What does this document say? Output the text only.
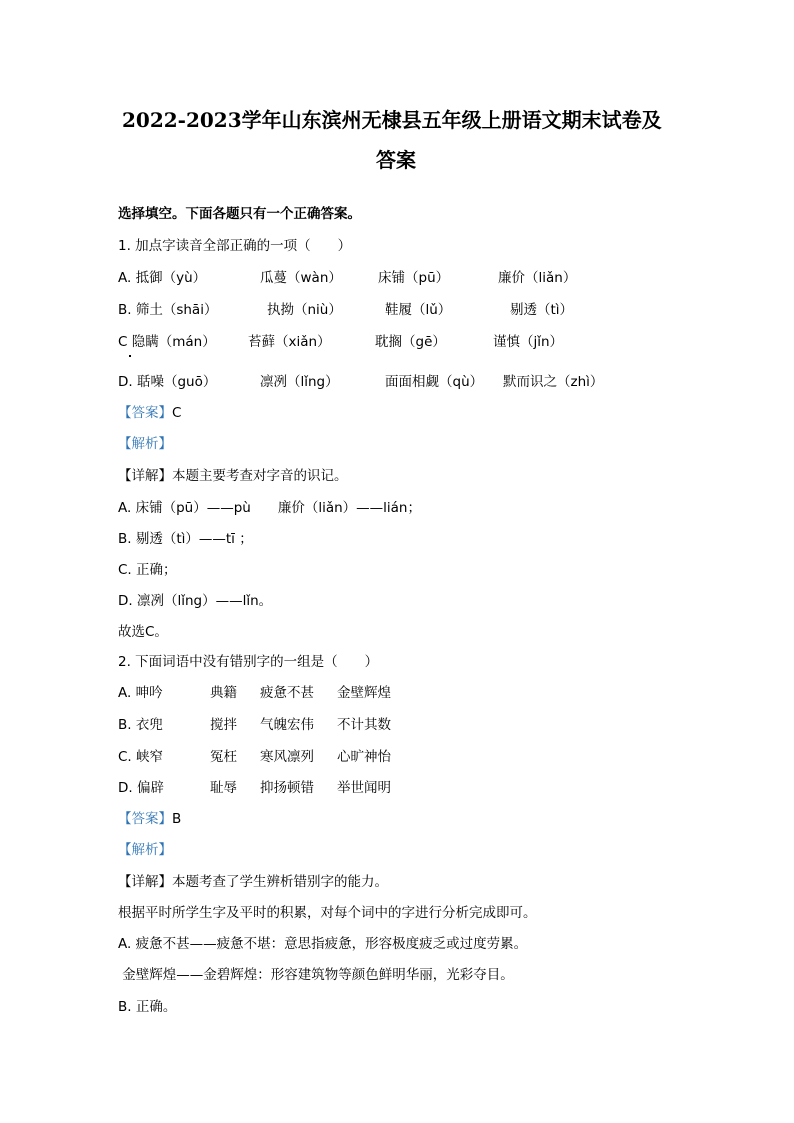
2022-2023学年山东滨州无棣县五年级上册语文期末试卷及
答案
选择填空。下面各题只有一个正确答案。
1. 加点字读音全部正确的一项（　　）
A. 抵御（yù）	瓜蔓（wàn）	床铺（pū）	廉价（liǎn）
B. 筛土（shāi）	执拗（niù）	鞋履（lǔ）	剔透（tì）
C 隐瞒（mán） 苔藓（xiǎn）	耽搁（gē）	谨慎（jǐn）
D. 聒噪（guō）	凛冽（lǐng）	面面相觑（qù） 默而识之（zhì）
【答案】C
【解析】
【详解】本题主要考查对字音的识记。
A. 床铺（pū）——pù　　廉价（liǎn）——lián；
B. 剔透（tì）——tī ；
C. 正确；
D. 凛冽（lǐng）——lǐn。
故选C。
2. 下面词语中没有错别字的一组是（　　）
A. 呻吟	典籍 疲惫不甚 金壁辉煌
B. 衣兜	搅拌 气魄宏伟 不计其数
C. 峡窄	冤枉 寒风凛列 心旷神怡
D. 偏辟	耻辱 抑扬顿错 举世闻明
【答案】B
【解析】
【详解】本题考查了学生辨析错别字的能力。
根据平时所学生字及平时的积累，对每个词中的字进行分析完成即可。
A. 疲惫不甚——疲惫不堪：意思指疲惫，形容极度疲乏或过度劳累。
金壁辉煌——金碧辉煌：形容建筑物等颜色鲜明华丽，光彩夺目。
B. 正确。
